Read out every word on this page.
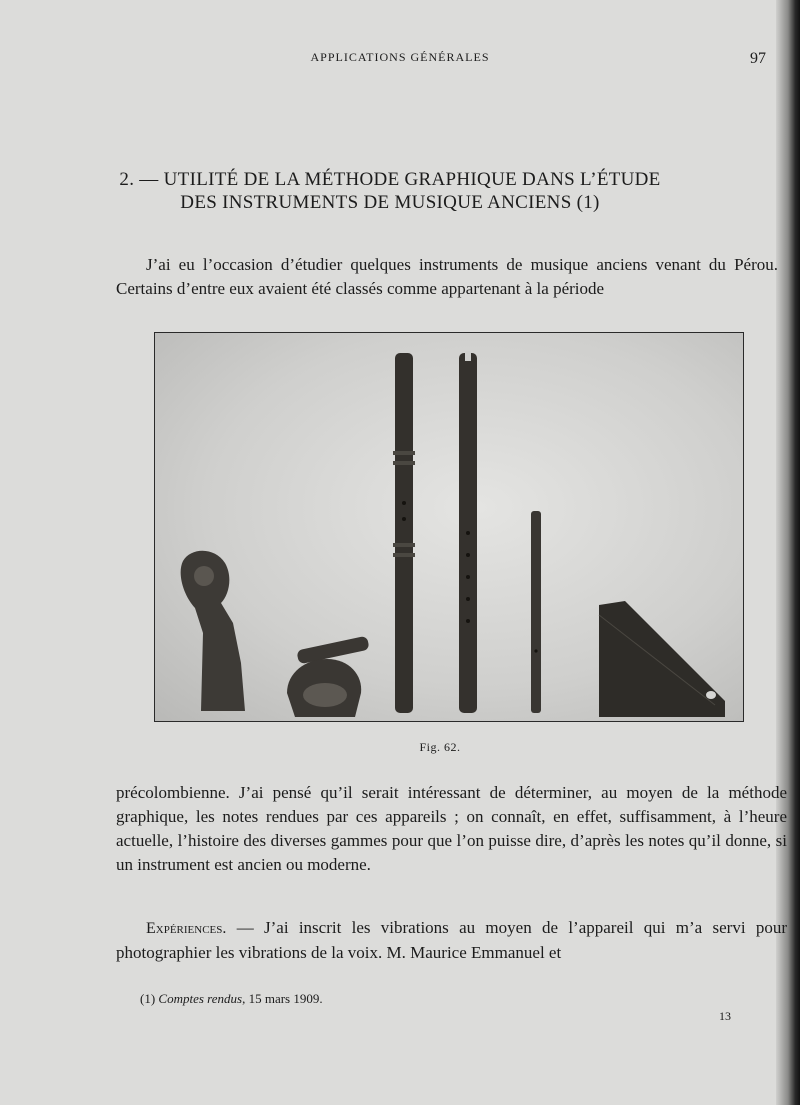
APPLICATIONS GÉNÉRALES	97
2. — UTILITÉ DE LA MÉTHODE GRAPHIQUE DANS L’ÉTUDE
DES INSTRUMENTS DE MUSIQUE ANCIENS (1)

J’ai eu l’occasion d’étudier quelques instruments de musique anciens venant du Pérou. Certains d’entre eux avaient été classés comme appartenant à la période

Fig. 62.

précolombienne. J’ai pensé qu’il serait intéressant de déterminer, au moyen de la méthode graphique, les notes rendues par ces appareils ; on connaît, en effet, suffisamment, à l’heure actuelle, l’histoire des diverses gammes pour que l’on puisse dire, d’après les notes qu’il donne, si un instrument est ancien ou moderne.

Expériences. — J’ai inscrit les vibrations au moyen de l’appareil qui m’a servi pour photographier les vibrations de la voix. M. Maurice Emmanuel et

(1) Comptes rendus, 15 mars 1909.
13
